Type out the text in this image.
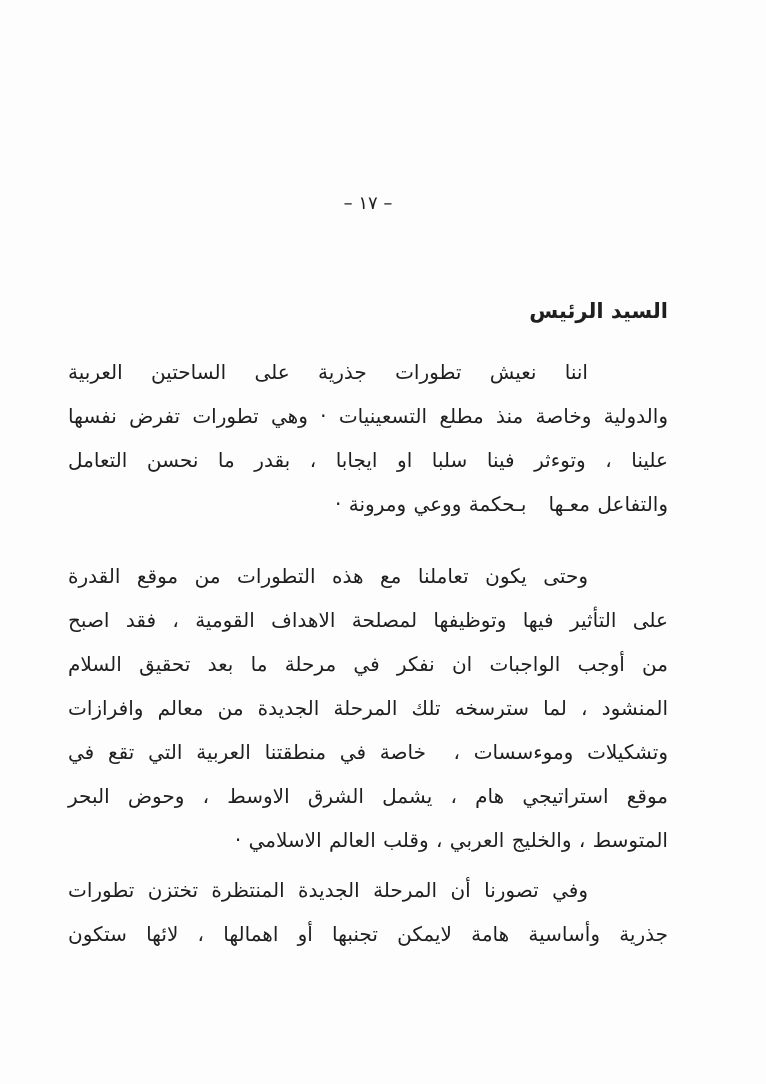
– ١٧ –
السيد الرئيس
اننا نعيش تطورات جذرية على الساحتين العربية
والدولية وخاصة منذ مطلع التسعينيات · وهي تطورات تفرض نفسها
علينا ، وتوءثر فينا سلبا او ايجابا ، بقدر ما نحسن التعامل
والتفاعل معـها   بـحكمة ووعي ومرونة ·
وحتى يكون تعاملنا مع هذه التطورات من موقع القدرة
على التأثير فيها وتوظيفها لمصلحة الاهداف القومية ، فقد اصبح
من أوجب الواجبات ان نفكر في مرحلة ما بعد تحقيق السلام
المنشود ، لما سترسخه تلك المرحلة الجديدة من معالم وافرازات
وتشكيلات وموءسسات ،  خاصة في منطقتنا العربية التي تقع في
موقع استراتيجي هام ، يشمل الشرق الاوسط ، وحوض البحر
المتوسط ، والخليج العربي ، وقلب العالم الاسلامي ·
وفي تصورنا أن المرحلة الجديدة المنتظرة تختزن تطورات
جذرية وأساسية هامة لايمكن تجنبها أو اهمالها ، لائها ستكون
